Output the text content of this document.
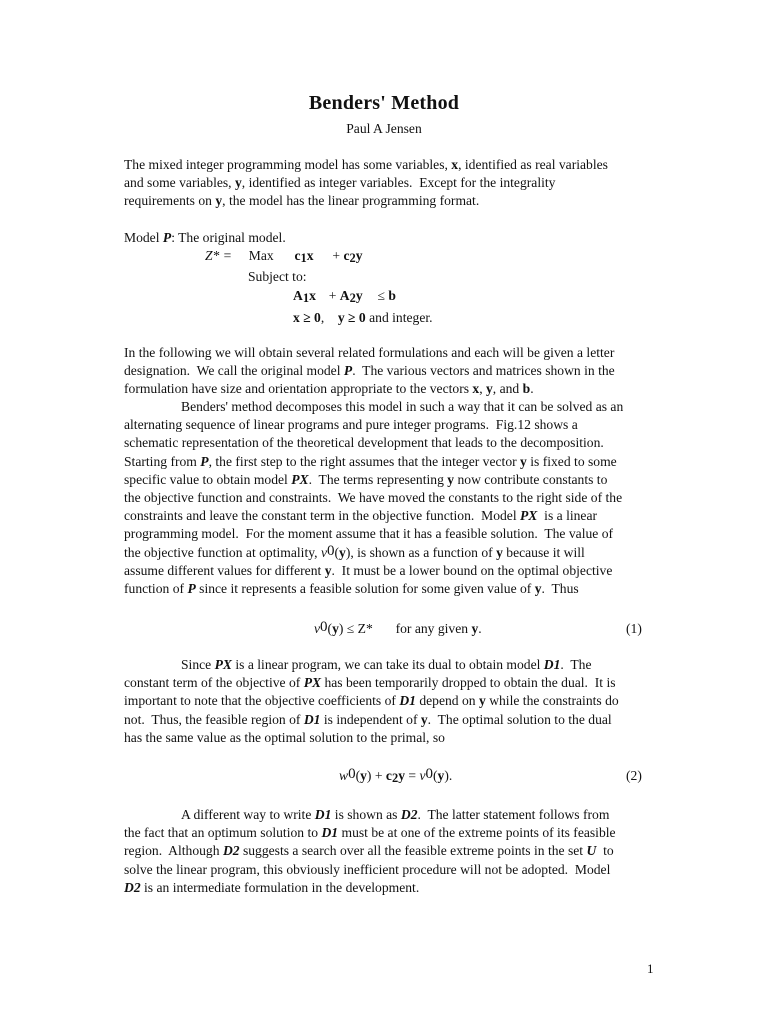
Benders' Method
Paul A Jensen
The mixed integer programming model has some variables, x, identified as real variables
and some variables, y, identified as integer variables.  Except for the integrality
requirements on y, the model has the linear programming format.
Model P: The original model.
Z* = Max c1x + c2y
Subject to:
A1x + A2y ≤ b
x ≥ 0,    y ≥ 0 and integer.
In the following we will obtain several related formulations and each will be given a letter
designation.  We call the original model P.  The various vectors and matrices shown in the
formulation have size and orientation appropriate to the vectors x, y, and b.
Benders' method decomposes this model in such a way that it can be solved as an
alternating sequence of linear programs and pure integer programs.  Fig.12 shows a
schematic representation of the theoretical development that leads to the decomposition.
Starting from P, the first step to the right assumes that the integer vector y is fixed to some
specific value to obtain model PX.  The terms representing y now contribute constants to
the objective function and constraints.  We have moved the constants to the right side of the
constraints and leave the constant term in the objective function.  Model PX  is a linear
programming model.  For the moment assume that it has a feasible solution.  The value of
the objective function at optimality, ν0(y), is shown as a function of y because it will
assume different values for different y.  It must be a lower bound on the optimal objective
function of P since it represents a feasible solution for some given value of y.  Thus
ν0(y) ≤ Z* for any given y.	(1)
Since PX is a linear program, we can take its dual to obtain model D1.  The
constant term of the objective of PX has been temporarily dropped to obtain the dual.  It is
important to note that the objective coefficients of D1 depend on y while the constraints do
not.  Thus, the feasible region of D1 is independent of y.  The optimal solution to the dual
has the same value as the optimal solution to the primal, so
w0(y) + c2y = ν0(y).	(2)
A different way to write D1 is shown as D2.  The latter statement follows from
the fact that an optimum solution to D1 must be at one of the extreme points of its feasible
region.  Although D2 suggests a search over all the feasible extreme points in the set U  to
solve the linear program, this obviously inefficient procedure will not be adopted.  Model
D2 is an intermediate formulation in the development.
1
